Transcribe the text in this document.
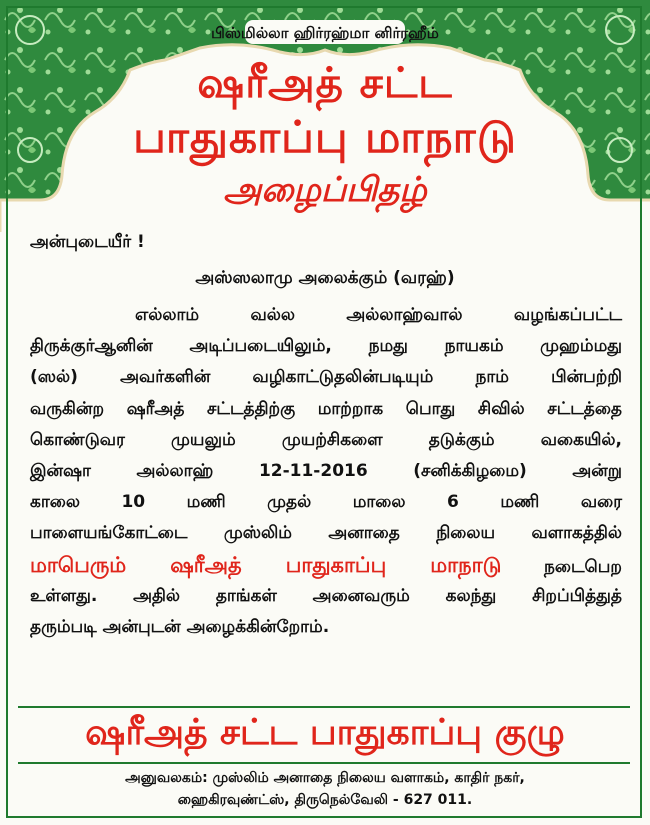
பிஸ்மில்லா ஹிர்ரஹ்மா னிர்ரஹீம்
ஷரீஅத் சட்ட
பாதுகாப்பு மாநாடு
அழைப்பிதழ்
அன்புடையீர் !
அஸ்ஸலாமு அலைக்கும் (வரஹ்)
எல்லாம் வல்ல அல்லாஹ்வால் வழங்கப்பட்ட
திருக்குர்ஆனின் அடிப்படையிலும், நமது நாயகம் முஹம்மது
(ஸல்) அவர்களின் வழிகாட்டுதலின்படியும் நாம் பின்பற்றி
வருகின்ற ஷரீஅத் சட்டத்திற்கு மாற்றாக பொது சிவில் சட்டத்தை
கொண்டுவர முயலும் முயற்சிகளை தடுக்கும் வகையில்,
இன்ஷா அல்லாஹ் 12-11-2016 (சனிக்கிழமை) அன்று
காலை 10 மணி முதல் மாலை 6 மணி வரை
பாளையங்கோட்டை முஸ்லிம் அனாதை நிலைய வளாகத்தில்
மாபெரும் ஷரீஅத் பாதுகாப்பு மாநாடு	நடைபெற
உள்ளது. அதில் தாங்கள் அனைவரும் கலந்து சிறப்பித்துத்
தரும்படி அன்புடன் அழைக்கின்றோம்.
ஷரீஅத் சட்ட பாதுகாப்பு குழு
அனுவலகம்: முஸ்லிம் அனாதை நிலைய வளாகம், காதிர் நகர்,
ஹைகிரவுண்ட்ஸ், திருநெல்வேலி - 627 011.
